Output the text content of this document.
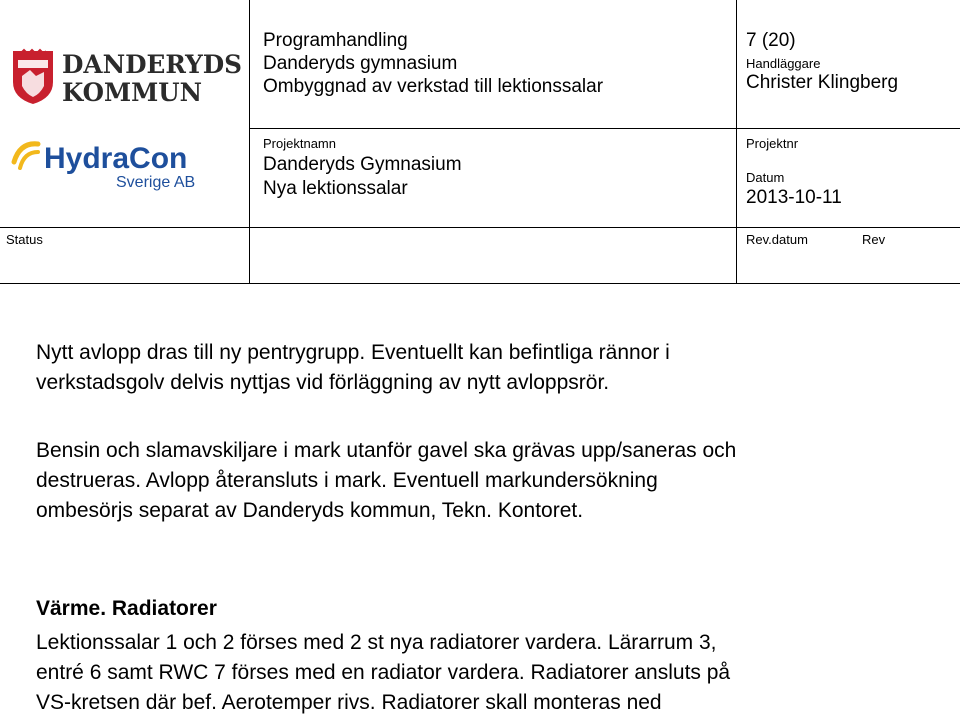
DANDERYDS
KOMMUN
HydraCon
Sverige AB
Programhandling
Danderyds gymnasium
Ombyggnad av verkstad till lektionssalar
7 (20)
Handläggare
Christer Klingberg
Projektnamn
Danderyds Gymnasium
Nya lektionssalar
Projektnr
Datum
2013-10-11
Status	Rev.datum	Rev

Nytt avlopp dras till ny pentrygrupp. Eventuellt kan befintliga rännor i

verkstadsgolv delvis nyttjas vid förläggning av nytt avloppsrör.

Bensin och slamavskiljare i mark utanför gavel ska grävas upp/saneras och

destrueras. Avlopp återansluts i mark. Eventuell markundersökning

ombesörjs separat av Danderyds kommun, Tekn. Kontoret.

Värme. Radiatorer

Lektionssalar 1 och 2 förses med 2 st nya radiatorer vardera. Lärarrum 3,

entré 6 samt RWC 7 förses med en radiator vardera. Radiatorer ansluts på

VS-kretsen där bef. Aerotemper rivs. Radiatorer skall monteras ned
